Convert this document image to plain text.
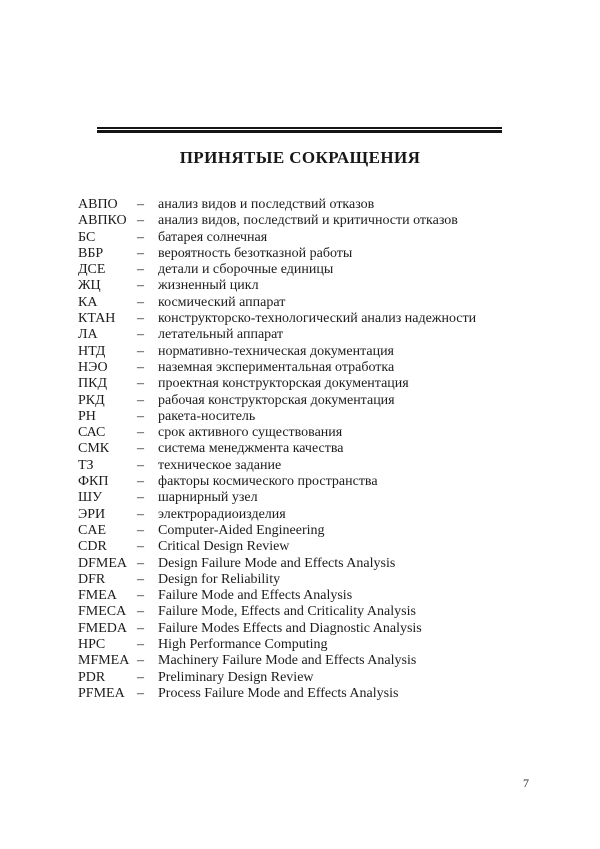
ПРИНЯТЫЕ СОКРАЩЕНИЯ
АВПО	–	анализ видов и последствий отказов
АВПКО –	анализ видов, последствий и критичности отказов
БС	–	батарея солнечная
ВБР	–	вероятность безотказной работы
ДСЕ	–	детали и сборочные единицы
ЖЦ	–	жизненный цикл
КА	–	космический аппарат
КТАН	–	конструкторско-технологический анализ надежности
ЛА	–	летательный аппарат
НТД	–	нормативно-техническая документация
НЭО	–	наземная экспериментальная отработка
ПКД	–	проектная конструкторская документация
РКД	–	рабочая конструкторская документация
РН	–	ракета-носитель
САС	–	срок активного существования
СМК	–	система менеджмента качества
ТЗ	–	техническое задание
ФКП	–	факторы космического пространства
ШУ	–	шарнирный узел
ЭРИ	–	электрорадиоизделия
CAE	–	Computer-Aided Engineering
CDR	–	Critical Design Review
DFMEA –	Design Failure Mode and Effects Analysis
DFR	–	Design for Reliability
FMEA	–	Failure Mode and Effects Analysis
FMECA –	Failure Mode, Effects and Criticality Analysis
FMEDA –	Failure Modes Effects and Diagnostic Analysis
HPC	–	High Performance Computing
MFMEA –	Machinery Failure Mode and Effects Analysis
PDR	–	Preliminary Design Review
PFMEA –	Process Failure Mode and Effects Analysis
7
